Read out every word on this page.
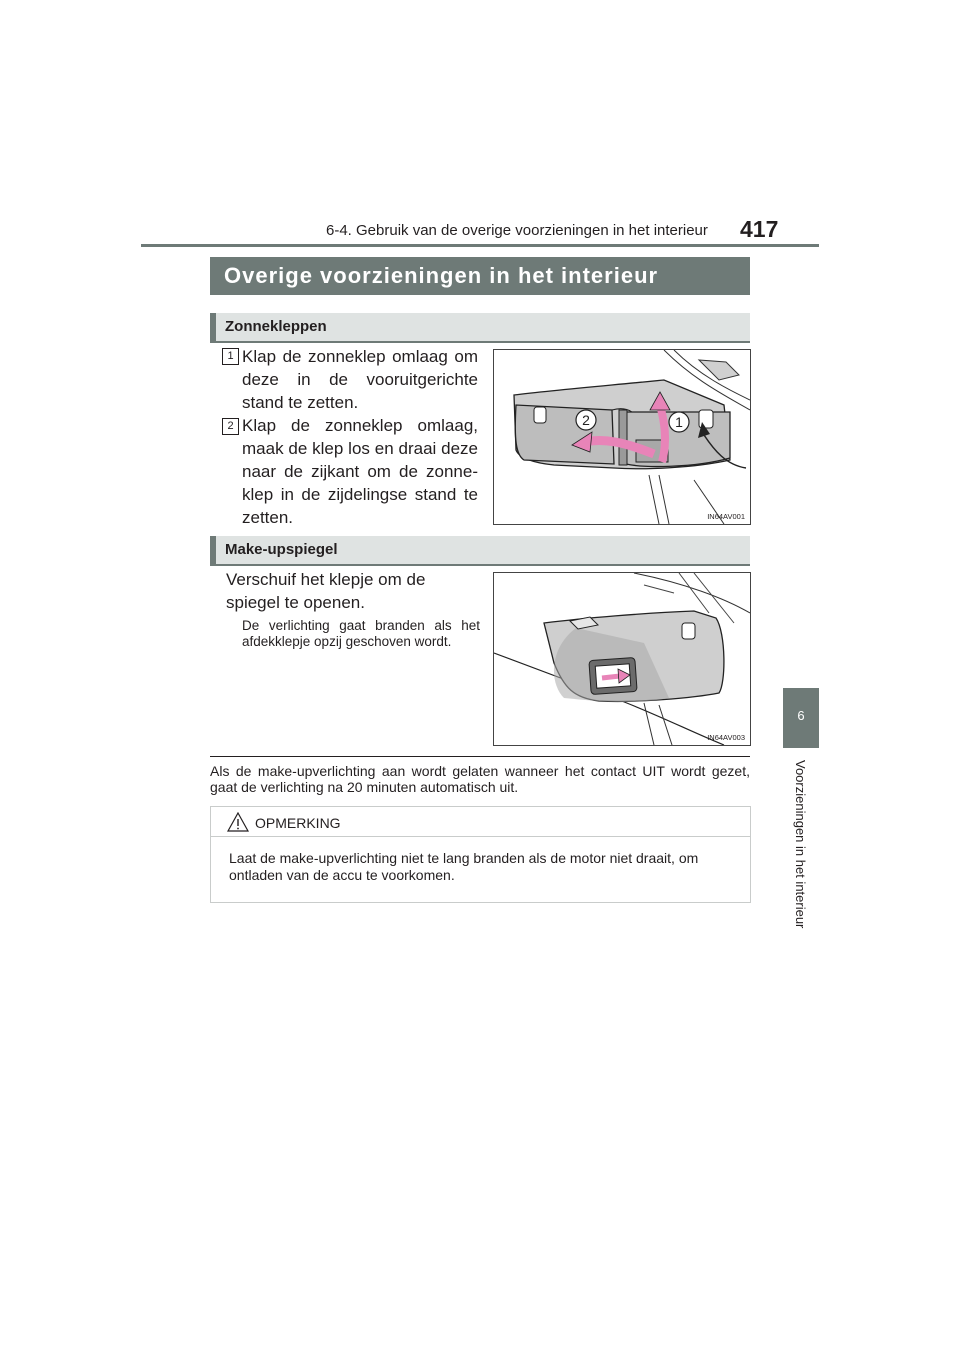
6-4. Gebruik van de overige voorzieningen in het interieur 417
6
Voorzieningen in het interieur
Overige voorzieningen in het interieur
Zonnekleppen
1 Klap de zonneklep omlaag om deze in de vooruitgerichte stand te zetten.
2 Klap de zonneklep omlaag, maak de klep los en draai deze naar de zijkant om de zonne-klep in de zijdelingse stand te zetten.
2	1
IN64AV001
Make-upspiegel
Verschuif het klepje om de spiegel te openen.
De verlichting gaat branden als het afdekklepje opzij geschoven wordt.
IN64AV003
Als de make-upverlichting aan wordt gelaten wanneer het contact UIT wordt gezet, gaat de verlichting na 20 minuten automatisch uit.
OPMERKING
Laat de make-upverlichting niet te lang branden als de motor niet draait, om ontladen van de accu te voorkomen.
